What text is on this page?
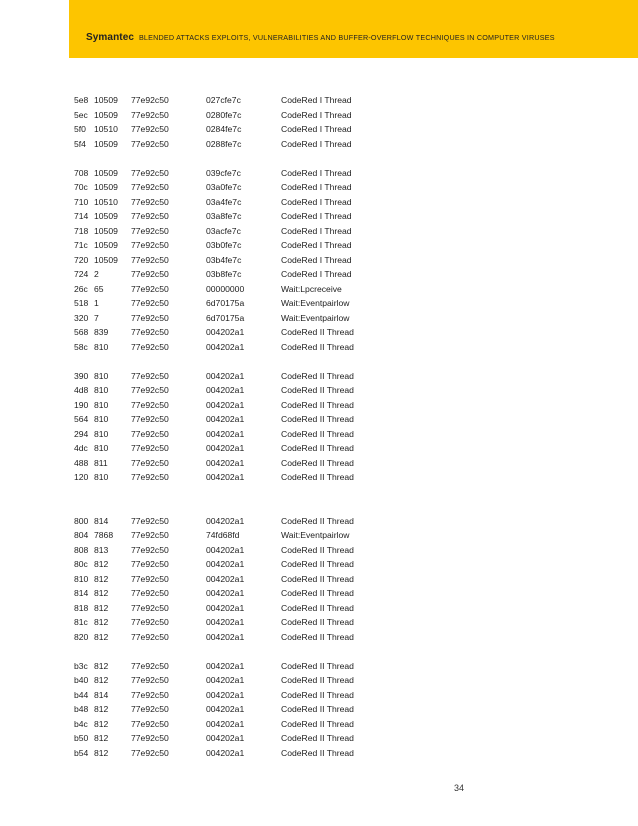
Symantec BLENDED ATTACKS EXPLOITS, VULNERABILITIES AND BUFFER-OVERFLOW TECHNIQUES IN COMPUTER VIRUSES
5e8 10509 77e92c50	027cfe7c	CodeRed I Thread
5ec 10509 77e92c50	0280fe7c	CodeRed I Thread
5f0 10510 77e92c50	0284fe7c	CodeRed I Thread
5f4 10509 77e92c50	0288fe7c	CodeRed I Thread
708 10509 77e92c50	039cfe7c	CodeRed I Thread
70c 10509 77e92c50	03a0fe7c	CodeRed I Thread
710 10510 77e92c50	03a4fe7c	CodeRed I Thread
714 10509 77e92c50	03a8fe7c	CodeRed I Thread
718 10509 77e92c50	03acfe7c	CodeRed I Thread
71c 10509 77e92c50	03b0fe7c	CodeRed I Thread
720 10509 77e92c50	03b4fe7c	CodeRed I Thread
724 2	77e92c50	03b8fe7c	CodeRed I Thread
26c 65	77e92c50	00000000	Wait:Lpcreceive
518 1	77e92c50	6d70175a	Wait:Eventpairlow
320 7	77e92c50	6d70175a	Wait:Eventpairlow
568 839	77e92c50	004202a1	CodeRed II Thread
58c 810	77e92c50	004202a1	CodeRed II Thread
390 810	77e92c50	004202a1	CodeRed II Thread
4d8 810	77e92c50	004202a1	CodeRed II Thread
190 810	77e92c50	004202a1	CodeRed II Thread
564 810	77e92c50	004202a1	CodeRed II Thread
294 810	77e92c50	004202a1	CodeRed II Thread
4dc 810	77e92c50	004202a1	CodeRed II Thread
488 811	77e92c50	004202a1	CodeRed II Thread
120 810	77e92c50	004202a1	CodeRed II Thread
800 814	77e92c50	004202a1	CodeRed II Thread
804 7868 77e92c50	74fd68fd	Wait:Eventpairlow
808 813	77e92c50	004202a1	CodeRed II Thread
80c 812	77e92c50	004202a1	CodeRed II Thread
810 812	77e92c50	004202a1	CodeRed II Thread
814 812	77e92c50	004202a1	CodeRed II Thread
818 812	77e92c50	004202a1	CodeRed II Thread
81c 812	77e92c50	004202a1	CodeRed II Thread
820 812	77e92c50	004202a1	CodeRed II Thread
b3c 812	77e92c50	004202a1	CodeRed II Thread
b40 812	77e92c50	004202a1	CodeRed II Thread
b44 814	77e92c50	004202a1	CodeRed II Thread
b48 812	77e92c50	004202a1	CodeRed II Thread
b4c 812	77e92c50	004202a1	CodeRed II Thread
b50 812	77e92c50	004202a1	CodeRed II Thread
b54 812	77e92c50	004202a1	CodeRed II Thread
34
